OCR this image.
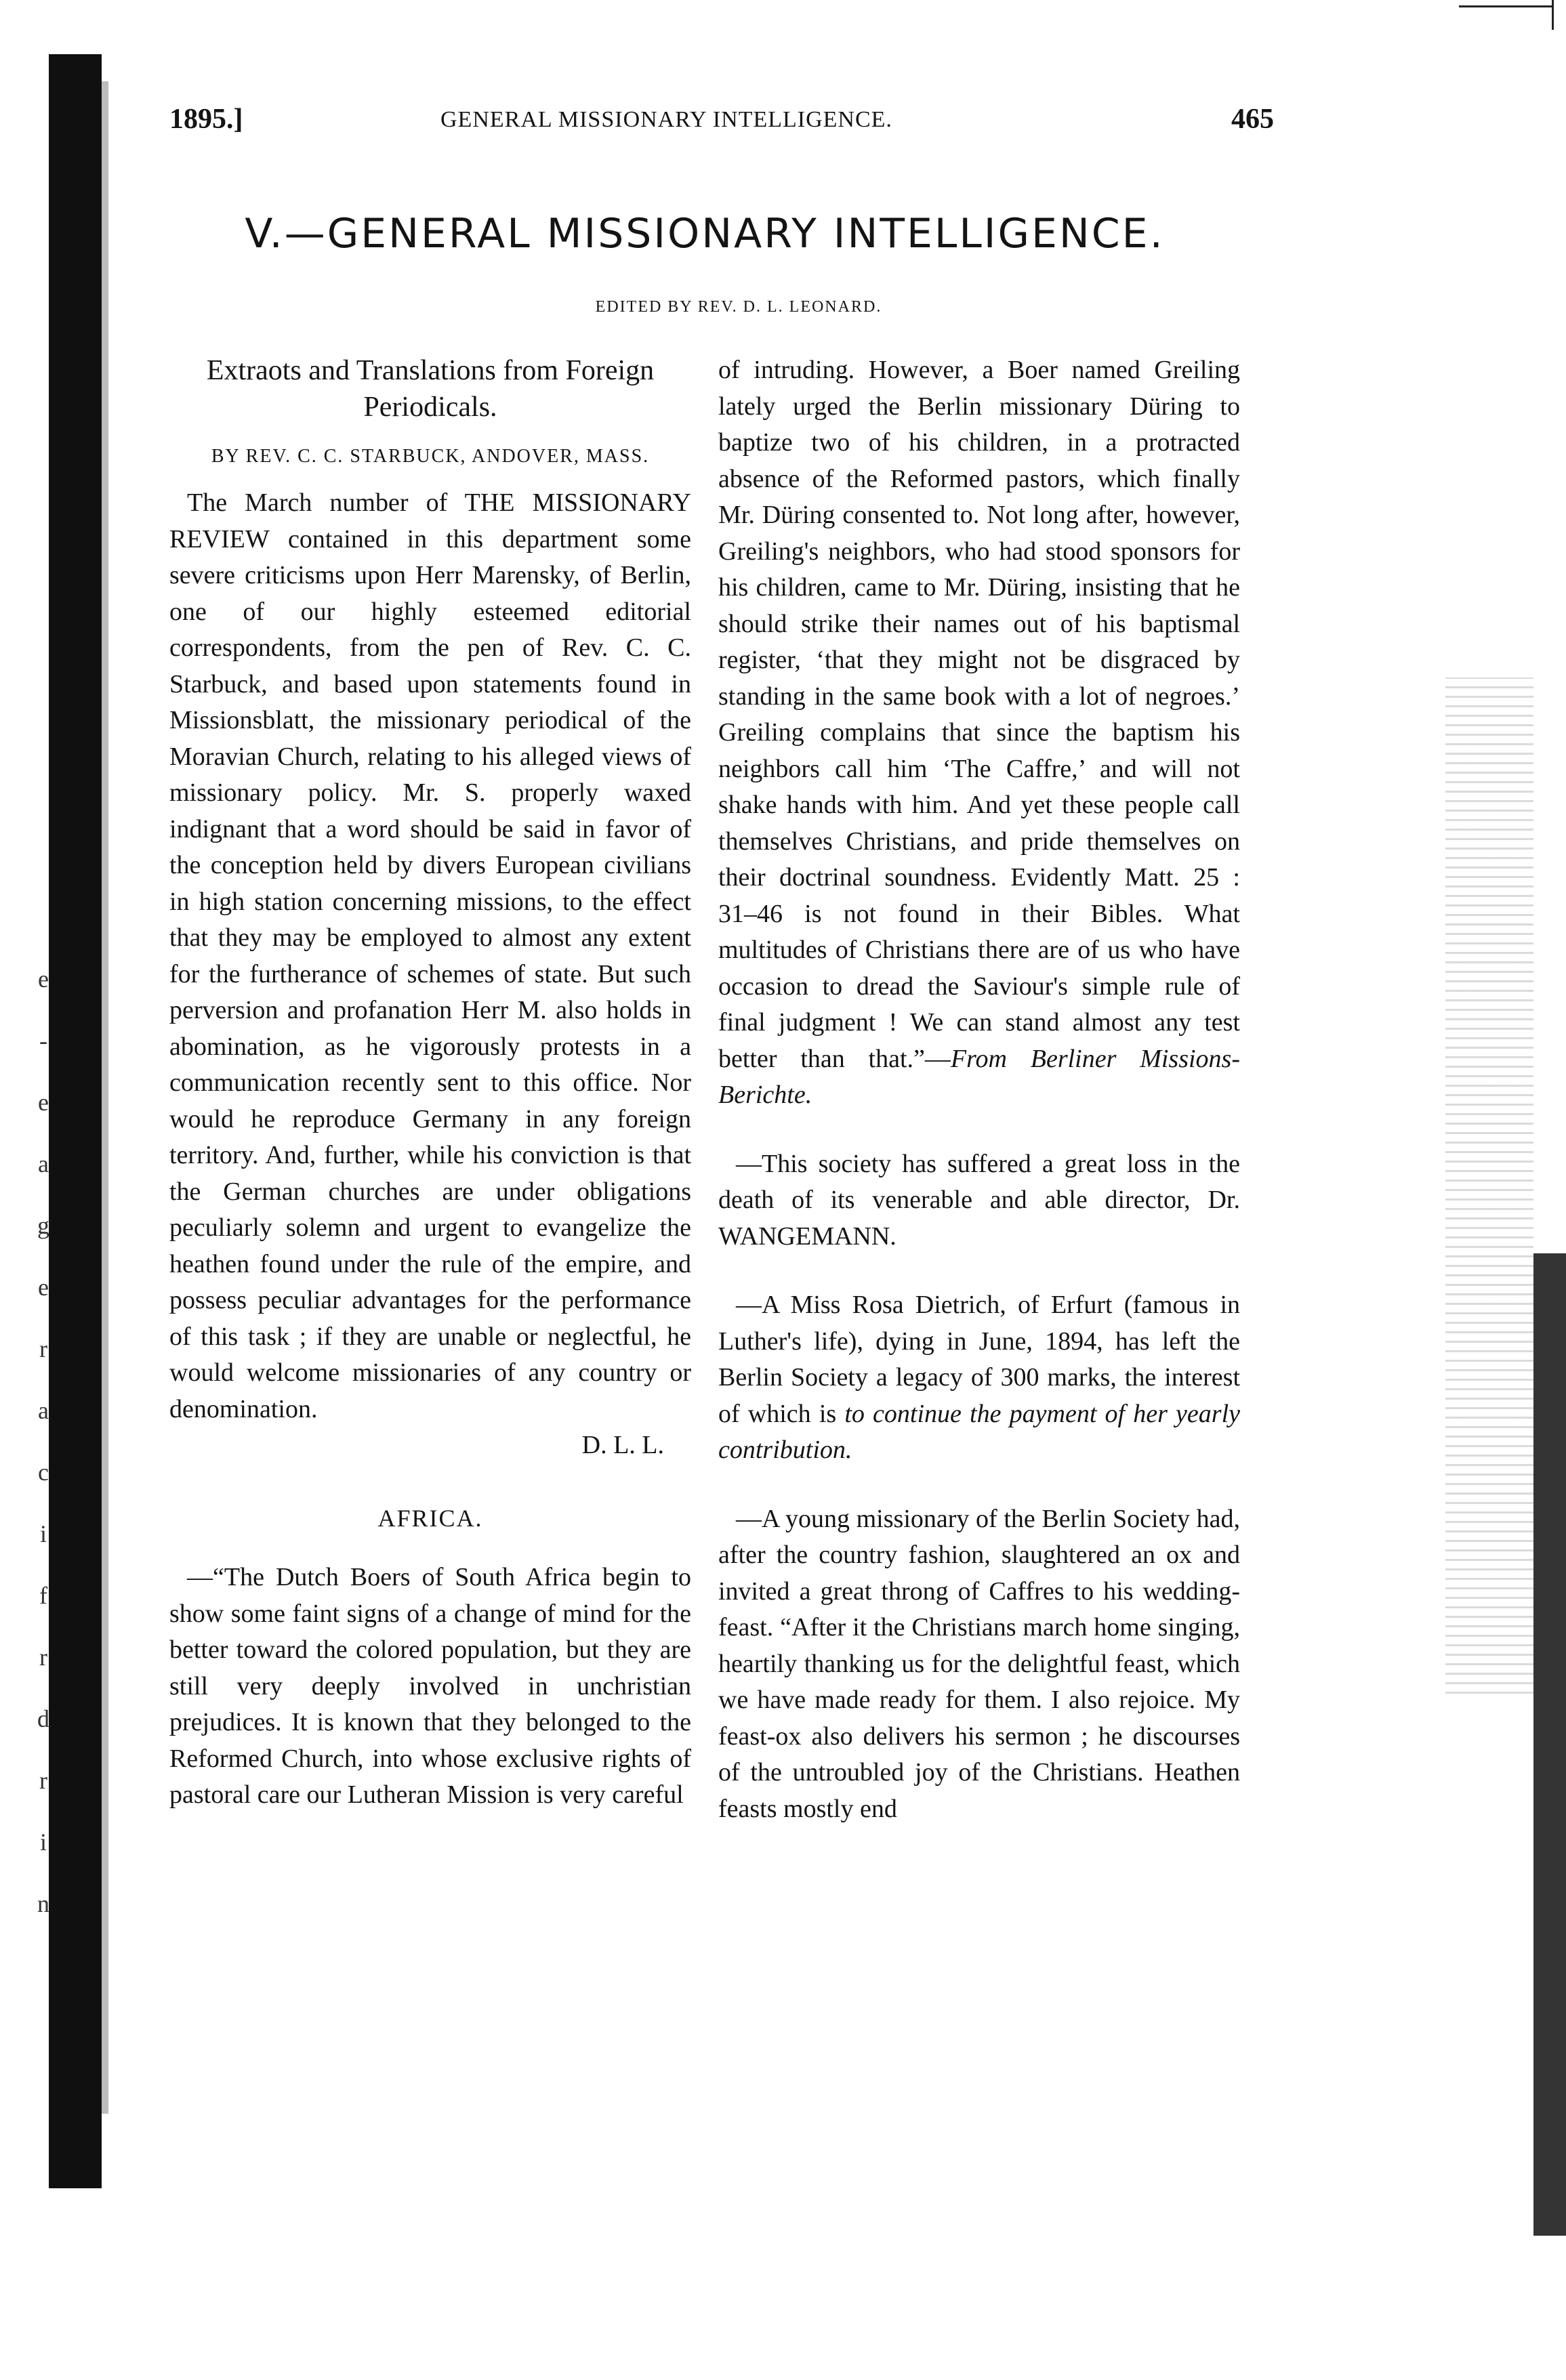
e
-
e
a
g
e
r
a
c
i
f
r
d
r
i
n
1895.]	GENERAL MISSIONARY INTELLIGENCE.	465
V.—GENERAL MISSIONARY INTELLIGENCE.
EDITED BY REV. D. L. LEONARD.

Extraots and Translations from Foreign Periodicals.

BY REV. C. C. STARBUCK, ANDOVER, MASS.

The March number of THE MISSIONARY REVIEW contained in this department some severe criticisms upon Herr Marensky, of Berlin, one of our highly esteemed editorial correspondents, from the pen of Rev. C. C. Starbuck, and based upon statements found in Missionsblatt, the missionary periodical of the Moravian Church, relating to his alleged views of missionary policy. Mr. S. properly waxed indignant that a word should be said in favor of the conception held by divers European civilians in high station concerning missions, to the effect that they may be employed to almost any extent for the furtherance of schemes of state. But such perversion and profanation Herr M. also holds in abomination, as he vigorously protests in a communication recently sent to this office. Nor would he reproduce Germany in any foreign territory. And, further, while his conviction is that the German churches are under obligations peculiarly solemn and urgent to evangelize the heathen found under the rule of the empire, and possess peculiar advantages for the performance of this task ; if they are unable or neglectful, he would welcome missionaries of any country or denomination.

D. L. L.

AFRICA.

—“The Dutch Boers of South Africa begin to show some faint signs of a change of mind for the better toward the colored population, but they are still very deeply involved in unchristian prejudices. It is known that they belonged to the Reformed Church, into whose exclusive rights of pastoral care our Lutheran Mission is very careful

of intruding. However, a Boer named Greiling lately urged the Berlin missionary Düring to baptize two of his children, in a protracted absence of the Reformed pastors, which finally Mr. Düring consented to. Not long after, however, Greiling's neighbors, who had stood sponsors for his children, came to Mr. Düring, insisting that he should strike their names out of his baptismal register, ‘that they might not be disgraced by standing in the same book with a lot of negroes.’ Greiling complains that since the baptism his neighbors call him ‘The Caffre,’ and will not shake hands with him. And yet these people call themselves Christians, and pride themselves on their doctrinal soundness. Evidently Matt. 25 : 31–46 is not found in their Bibles. What multitudes of Christians there are of us who have occasion to dread the Saviour's simple rule of final judgment ! We can stand almost any test better than that.”—From Berliner Missions-Berichte.

—This society has suffered a great loss in the death of its venerable and able director, Dr. WANGEMANN.

—A Miss Rosa Dietrich, of Erfurt (famous in Luther's life), dying in June, 1894, has left the Berlin Society a legacy of 300 marks, the interest of which is to continue the payment of her yearly contribution.

—A young missionary of the Berlin Society had, after the country fashion, slaughtered an ox and invited a great throng of Caffres to his wedding-feast. “After it the Christians march home singing, heartily thanking us for the delightful feast, which we have made ready for them. I also rejoice. My feast-ox also delivers his sermon ; he discourses of the untroubled joy of the Christians. Heathen feasts mostly end
